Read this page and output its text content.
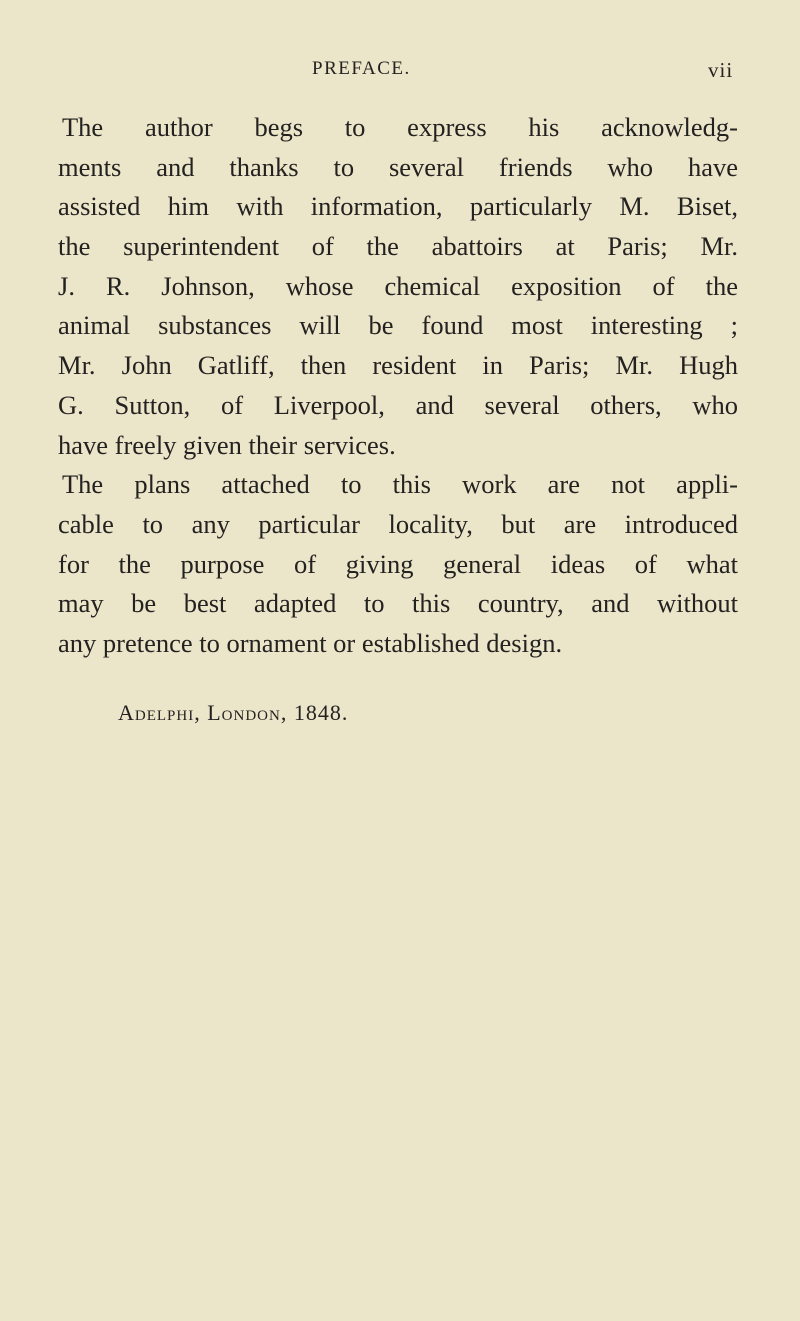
PREFACE.	vii
The author begs to express his acknowledg-
ments and thanks to several friends who have
assisted him with information, particularly M. Biset,
the superintendent of the abattoirs at Paris; Mr.
J. R. Johnson, whose chemical exposition of the
animal substances will be found most interesting ;
Mr. John Gatliff, then resident in Paris; Mr. Hugh
G. Sutton, of Liverpool, and several others, who
have freely given their services.
The plans attached to this work are not appli-
cable to any particular locality, but are introduced
for the purpose of giving general ideas of what
may be best adapted to this country, and without
any pretence to ornament or established design.
Adelphi, London, 1848.
